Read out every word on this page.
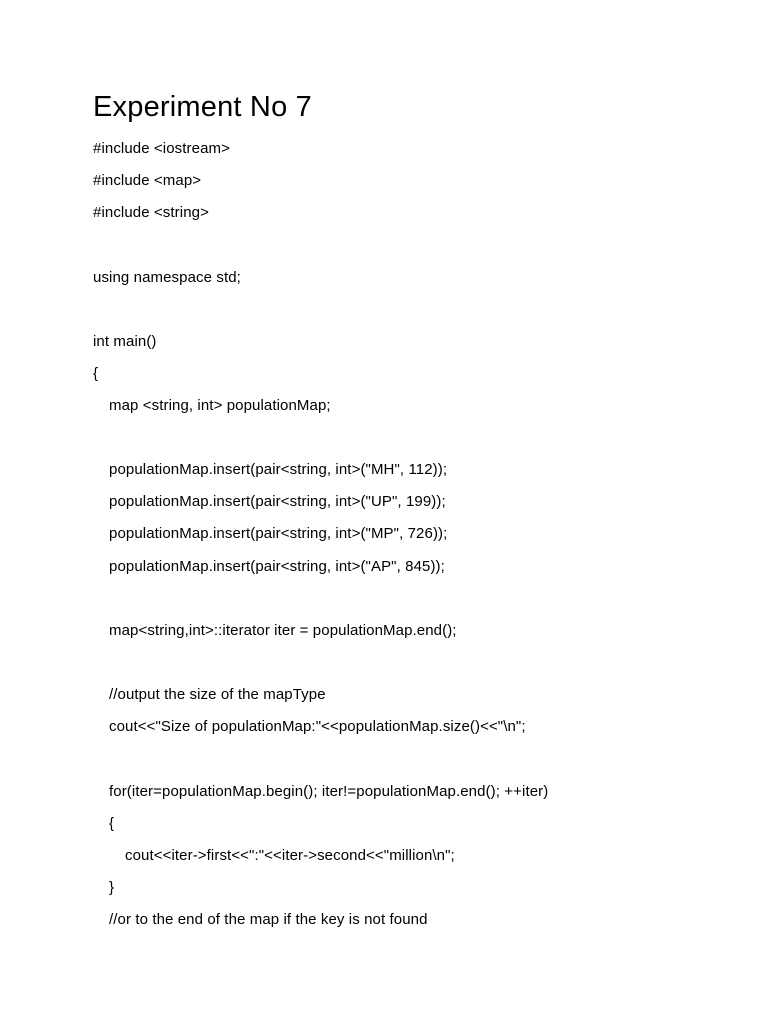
Experiment No 7
#include <iostream>
#include <map>
#include <string>
using namespace std;
int main()
{
map <string, int> populationMap;
populationMap.insert(pair<string, int>("MH", 112));
populationMap.insert(pair<string, int>("UP", 199));
populationMap.insert(pair<string, int>("MP", 726));
populationMap.insert(pair<string, int>("AP", 845));
map<string,int>::iterator iter = populationMap.end();
//output the size of the mapType
cout<<"Size of populationMap:"<<populationMap.size()<<"\n";
for(iter=populationMap.begin(); iter!=populationMap.end(); ++iter)
{
cout<<iter->first<<":"<<iter->second<<"million\n";
}
//or to the end of the map if the key is not found
